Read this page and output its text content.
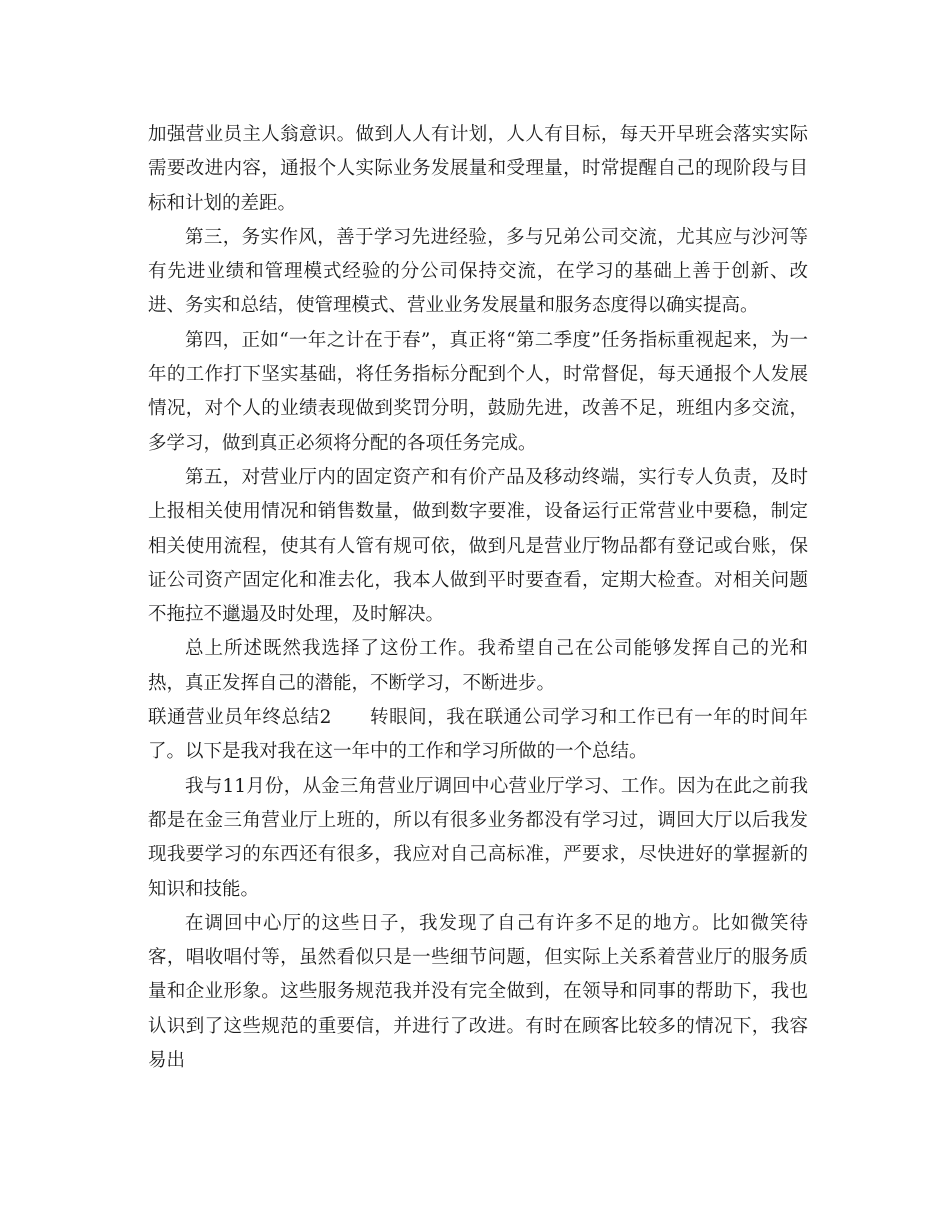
加强营业员主人翁意识。做到人人有计划，人人有目标，每天开早班会落实实际需要改进内容，通报个人实际业务发展量和受理量，时常提醒自己的现阶段与目标和计划的差距。

第三，务实作风，善于学习先进经验，多与兄弟公司交流，尤其应与沙河等有先进业绩和管理模式经验的分公司保持交流，在学习的基础上善于创新、改进、务实和总结，使管理模式、营业业务发展量和服务态度得以确实提高。

第四，正如“一年之计在于春”，真正将“第二季度”任务指标重视起来，为一年的工作打下坚实基础，将任务指标分配到个人，时常督促，每天通报个人发展情况，对个人的业绩表现做到奖罚分明，鼓励先进，改善不足，班组内多交流，多学习，做到真正必须将分配的各项任务完成。

第五，对营业厅内的固定资产和有价产品及移动终端，实行专人负责，及时上报相关使用情况和销售数量，做到数字要准，设备运行正常营业中要稳，制定相关使用流程，使其有人管有规可依，做到凡是营业厅物品都有登记或台账，保证公司资产固定化和准去化，我本人做到平时要查看，定期大检查。对相关问题不拖拉不邋遢及时处理，及时解决。

总上所述既然我选择了这份工作。我希望自己在公司能够发挥自己的光和热，真正发挥自己的潜能，不断学习，不断进步。

联通营业员年终总结2 转眼间，我在联通公司学习和工作已有一年的时间年了。以下是我对我在这一年中的工作和学习所做的一个总结。

我与11月份，从金三角营业厅调回中心营业厅学习、工作。因为在此之前我都是在金三角营业厅上班的，所以有很多业务都没有学习过，调回大厅以后我发现我要学习的东西还有很多，我应对自己高标准，严要求，尽快进好的掌握新的知识和技能。

在调回中心厅的这些日子，我发现了自己有许多不足的地方。比如微笑待客，唱收唱付等，虽然看似只是一些细节问题，但实际上关系着营业厅的服务质量和企业形象。这些服务规范我并没有完全做到，在领导和同事的帮助下，我也认识到了这些规范的重要信，并进行了改进。有时在顾客比较多的情况下，我容易出
